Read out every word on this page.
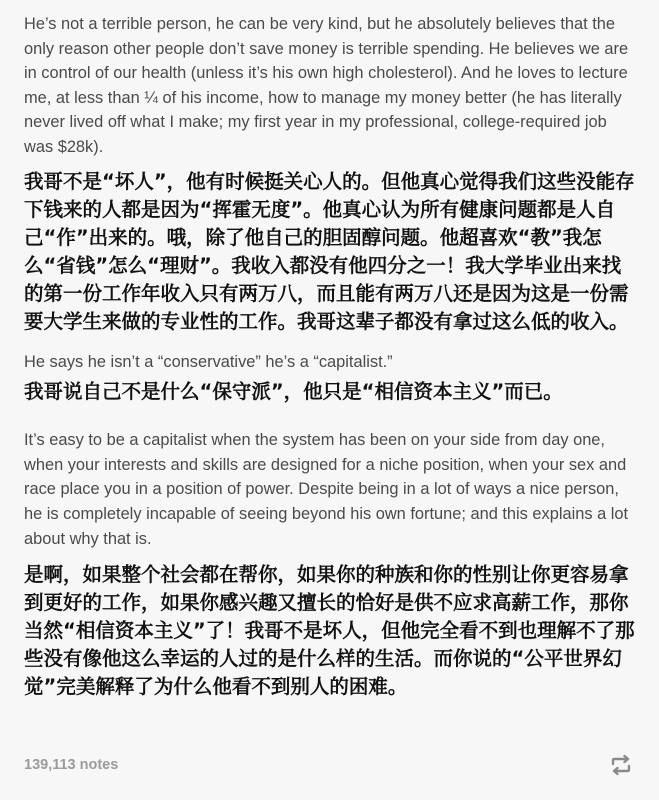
He’s not a terrible person, he can be very kind, but he absolutely believes that the only reason other people don’t save money is terrible spending. He believes we are in control of our health (unless it’s his own high cholesterol). And he loves to lecture me, at less than ¼ of his income, how to manage my money better (he has literally never lived off what I make; my first year in my professional, college-required job was $28k).

我哥不是“坏人”，他有时候挺关心人的。但他真心觉得我们这些没能存下钱来的人都是因为“挥霍无度”。他真心认为所有健康问题都是人自己“作”出来的。哦，除了他自己的胆固醇问题。他超喜欢“教”我怎么“省钱”怎么“理财”。我收入都没有他四分之一！我大学毕业出来找的第一份工作年收入只有两万八，而且能有两万八还是因为这是一份需要大学生来做的专业性的工作。我哥这辈子都没有拿过这么低的收入。

He says he isn’t a “conservative” he’s a “capitalist.”

我哥说自己不是什么“保守派”，他只是“相信资本主义”而已。

It’s easy to be a capitalist when the system has been on your side from day one, when your interests and skills are designed for a niche position, when your sex and race place you in a position of power. Despite being in a lot of ways a nice person, he is completely incapable of seeing beyond his own fortune; and this explains a lot about why that is.

是啊，如果整个社会都在帮你，如果你的种族和你的性别让你更容易拿到更好的工作，如果你感兴趣又擅长的恰好是供不应求高薪工作，那你当然“相信资本主义”了！我哥不是坏人，但他完全看不到也理解不了那些没有像他这么幸运的人过的是什么样的生活。而你说的“公平世界幻觉”完美解释了为什么他看不到别人的困难。

139,113 notes
